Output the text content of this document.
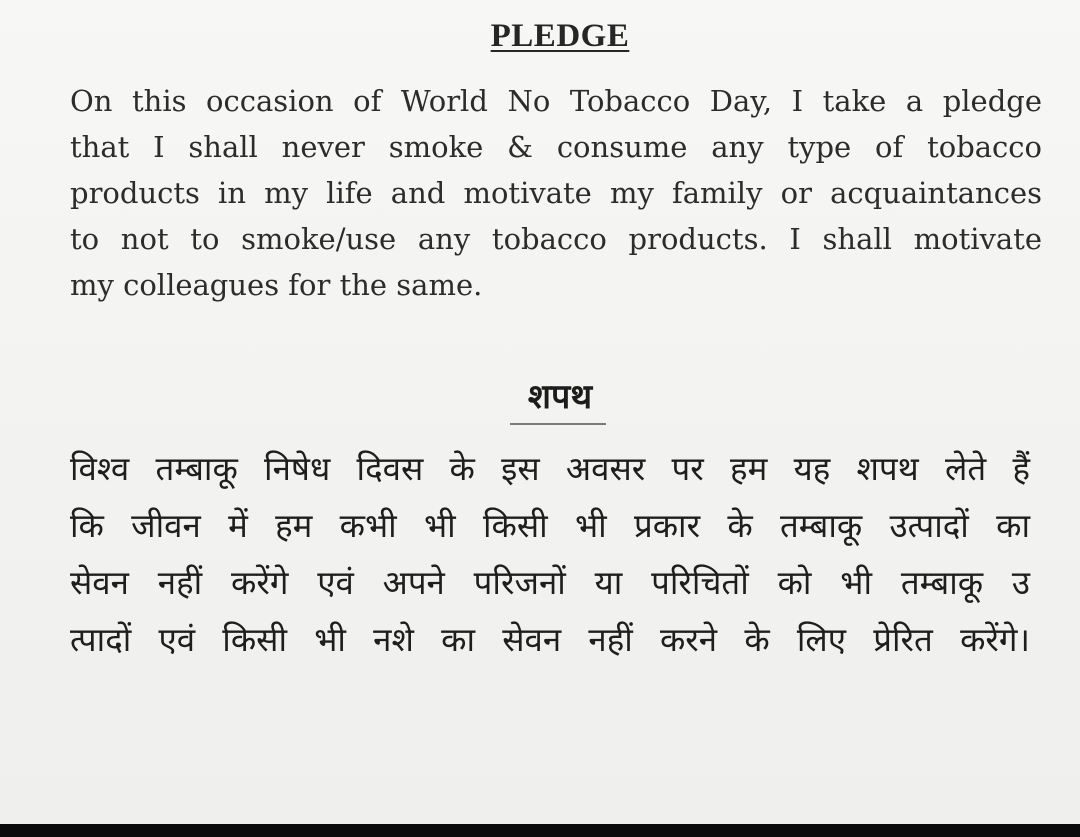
PLEDGE

On this occasion of World No Tobacco Day, I take a pledge
that I shall never smoke & consume any type of tobacco
products in my life and motivate my family or acquaintances
to not to smoke/use any tobacco products. I shall motivate
my colleagues for the same.

शपथ

विश्व तम्बाकू निषेध दिवस के इस अवसर पर हम यह शपथ लेते हैं
कि जीवन में हम कभी भी किसी भी प्रकार के तम्बाकू उत्पादों का
सेवन नहीं करेंगे एवं अपने परिजनों या परिचितों को भी तम्बाकू उ
त्पादों एवं किसी भी नशे का सेवन नहीं करने के लिए प्रेरित करेंगे।
